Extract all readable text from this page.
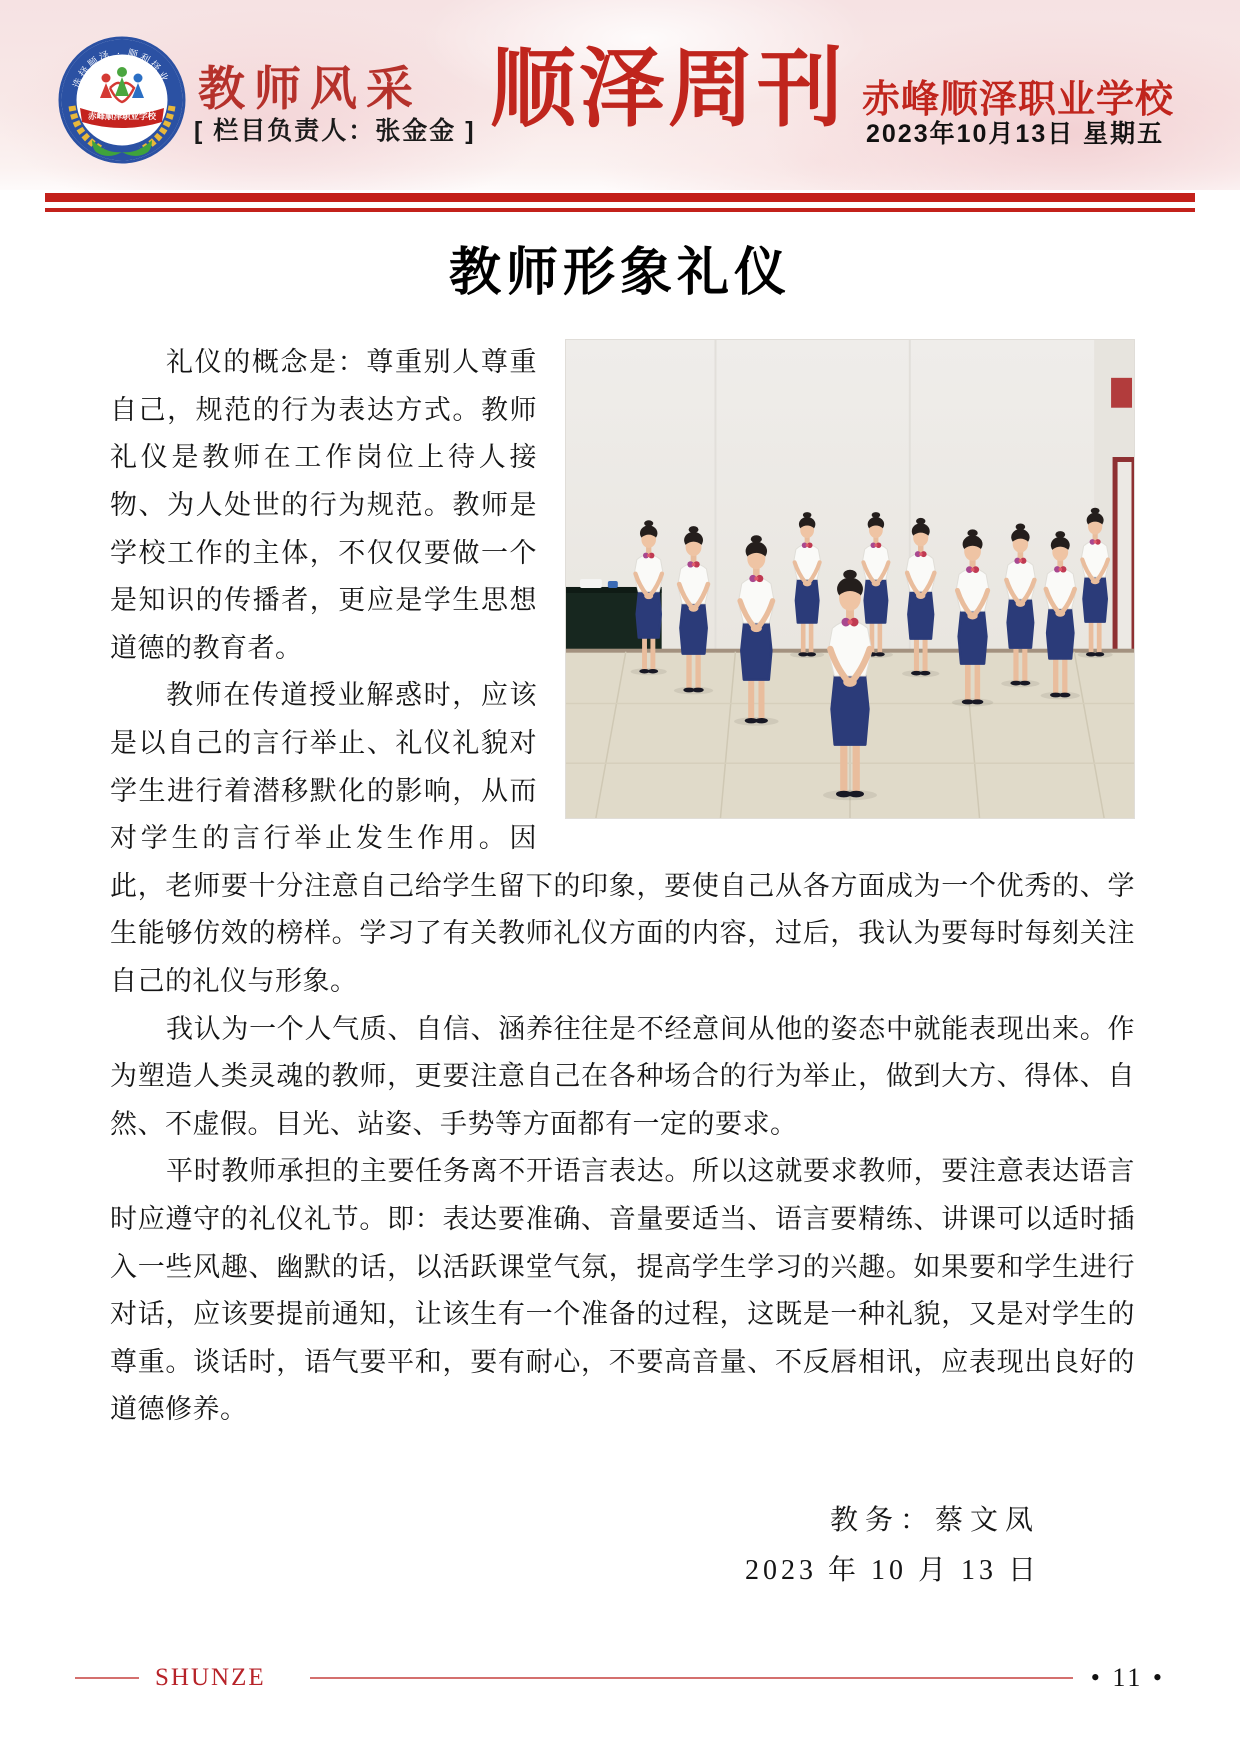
选择顺泽 · 顺利择业
赤峰顺泽职业学校 教师风采
[ 栏目负责人：张金金 ] 顺泽周刊 赤峰顺泽职业学校
2023年10月13日 星期五
教师形象礼仪

礼仪的概念是：尊重别人尊重自己，规范的行为表达方式。教师礼仪是教师在工作岗位上待人接物、为人处世的行为规范。教师是学校工作的主体，不仅仅要做一个是知识的传播者，更应是学生思想道德的教育者。

教师在传道授业解惑时，应该是以自己的言行举止、礼仪礼貌对学生进行着潜移默化的影响，从而对学生的言行举止发生作用。因此，老师要十分注意自己给学生留下的印象，要使自己从各方面成为一个优秀的、学生能够仿效的榜样。学习了有关教师礼仪方面的内容，过后，我认为要每时每刻关注自己的礼仪与形象。

我认为一个人气质、自信、涵养往往是不经意间从他的姿态中就能表现出来。作为塑造人类灵魂的教师，更要注意自己在各种场合的行为举止，做到大方、得体、自然、不虚假。目光、站姿、手势等方面都有一定的要求。

平时教师承担的主要任务离不开语言表达。所以这就要求教师，要注意表达语言时应遵守的礼仪礼节。即：表达要准确、音量要适当、语言要精练、讲课可以适时插入一些风趣、幽默的话，以活跃课堂气氛，提高学生学习的兴趣。如果要和学生进行对话，应该要提前通知，让该生有一个准备的过程，这既是一种礼貌，又是对学生的尊重。谈话时，语气要平和，要有耐心，不要高音量、不反唇相讯，应表现出良好的道德修养。

教务：蔡文凤
2023 年 10 月 13 日
SHUNZE	• 11 •
